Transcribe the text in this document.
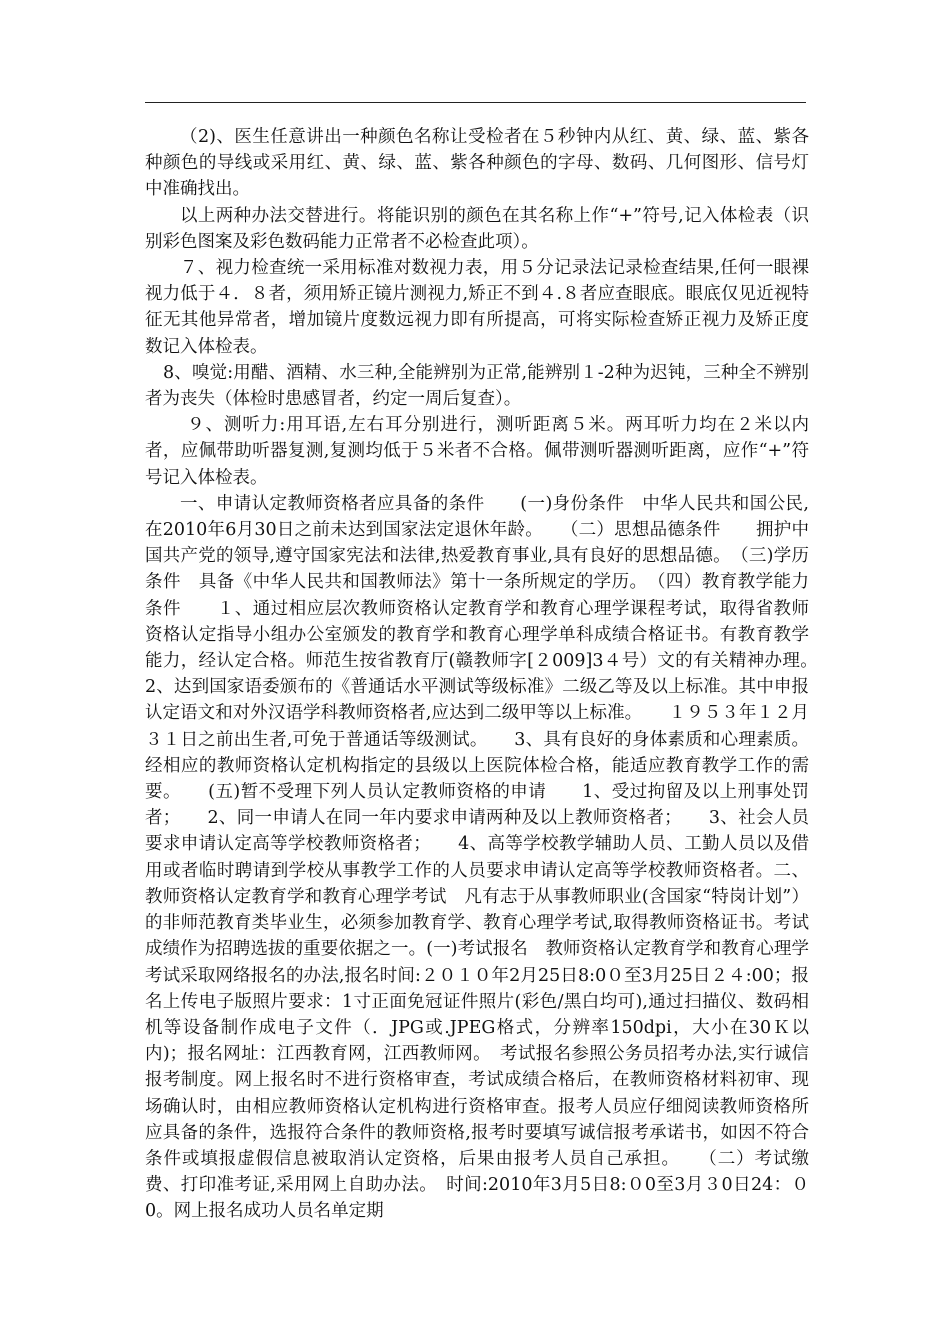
（2)、医生任意讲出一种颜色名称让受检者在５秒钟内从红、黄、绿、蓝、紫各种颜色的导线或采用红、黄、绿、蓝、紫各种颜色的字母、数码、几何图形、信号灯中准确找出。

以上两种办法交替进行。将能识别的颜色在其名称上作“+”符号,记入体检表（识别彩色图案及彩色数码能力正常者不必检查此项）。

７、视力检查统一采用标准对数视力表，用５分记录法记录检查结果,任何一眼裸视力低于４．８者，须用矫正镜片测视力,矫正不到４.８者应查眼底。眼底仅见近视特征无其他异常者，增加镜片度数远视力即有所提高，可将实际检查矫正视力及矫正度数记入体检表。

8、嗅觉:用醋、酒精、水三种,全能辨别为正常,能辨别１-2种为迟钝，三种全不辨别者为丧失（体检时患感冒者，约定一周后复查）。

９、测听力:用耳语,左右耳分别进行，测听距离５米。两耳听力均在２米以内者，应佩带助听器复测,复测均低于５米者不合格。佩带测听器测听距离，应作“+”符号记入体检表。

一、申请认定教师资格者应具备的条件　　(一)身份条件　中华人民共和国公民,在2010年6月30日之前未达到国家法定退休年龄。　　（二）思想品德条件　　拥护中国共产党的领导,遵守国家宪法和法律,热爱教育事业,具有良好的思想品德。　（三)学历条件　具备《中华人民共和国教师法》第十一条所规定的学历。　（四）教育教学能力条件　　１、通过相应层次教师资格认定教育学和教育心理学课程考试，取得省教师资格认定指导小组办公室颁发的教育学和教育心理学单科成绩合格证书。有教育教学能力，经认定合格。师范生按省教育厅(赣教师字[２009]3４号）文的有关精神办理。　　2、达到国家语委颁布的《普通话水平测试等级标准》二级乙等及以上标准。其中申报认定语文和对外汉语学科教师资格者,应达到二级甲等以上标准。　　１９５３年１２月３１日之前出生者,可免于普通话等级测试。　　3、具有良好的身体素质和心理素质。经相应的教师资格认定机构指定的县级以上医院体检合格，能适应教育教学工作的需要。　　(五)暂不受理下列人员认定教师资格的申请　　1、受过拘留及以上刑事处罚者；　　2、同一申请人在同一年内要求申请两种及以上教师资格者；　　3、社会人员要求申请认定高等学校教师资格者；　　4、高等学校教学辅助人员、工勤人员以及借用或者临时聘请到学校从事教学工作的人员要求申请认定高等学校教师资格者。二、教师资格认定教育学和教育心理学考试　凡有志于从事教师职业(含国家“特岗计划”）的非师范教育类毕业生，必须参加教育学、教育心理学考试,取得教师资格证书。考试成绩作为招聘选拔的重要依据之一。(一)考试报名　教师资格认定教育学和教育心理学考试采取网络报名的办法,报名时间:２０１０年2月25日8:0０至3月25日２４:00；报名上传电子版照片要求：1寸正面免冠证件照片(彩色/黑白均可),通过扫描仪、数码相机等设备制作成电子文件（．JPG或.JPEG格式，分辨率150dpi，大小在30Ｋ以内)；报名网址：江西教育网，江西教师网。　考试报名参照公务员招考办法,实行诚信报考制度。网上报名时不进行资格审查，考试成绩合格后，在教师资格材料初审、现场确认时，由相应教师资格认定机构进行资格审查。报考人员应仔细阅读教师资格所应具备的条件，选报符合条件的教师资格,报考时要填写诚信报考承诺书，如因不符合条件或填报虚假信息被取消认定资格，后果由报考人员自己承担。　　（二）考试缴费、打印准考证,采用网上自助办法。　时间:2010年3月5日8:０0至3月３0日24：０0。网上报名成功人员名单定期
